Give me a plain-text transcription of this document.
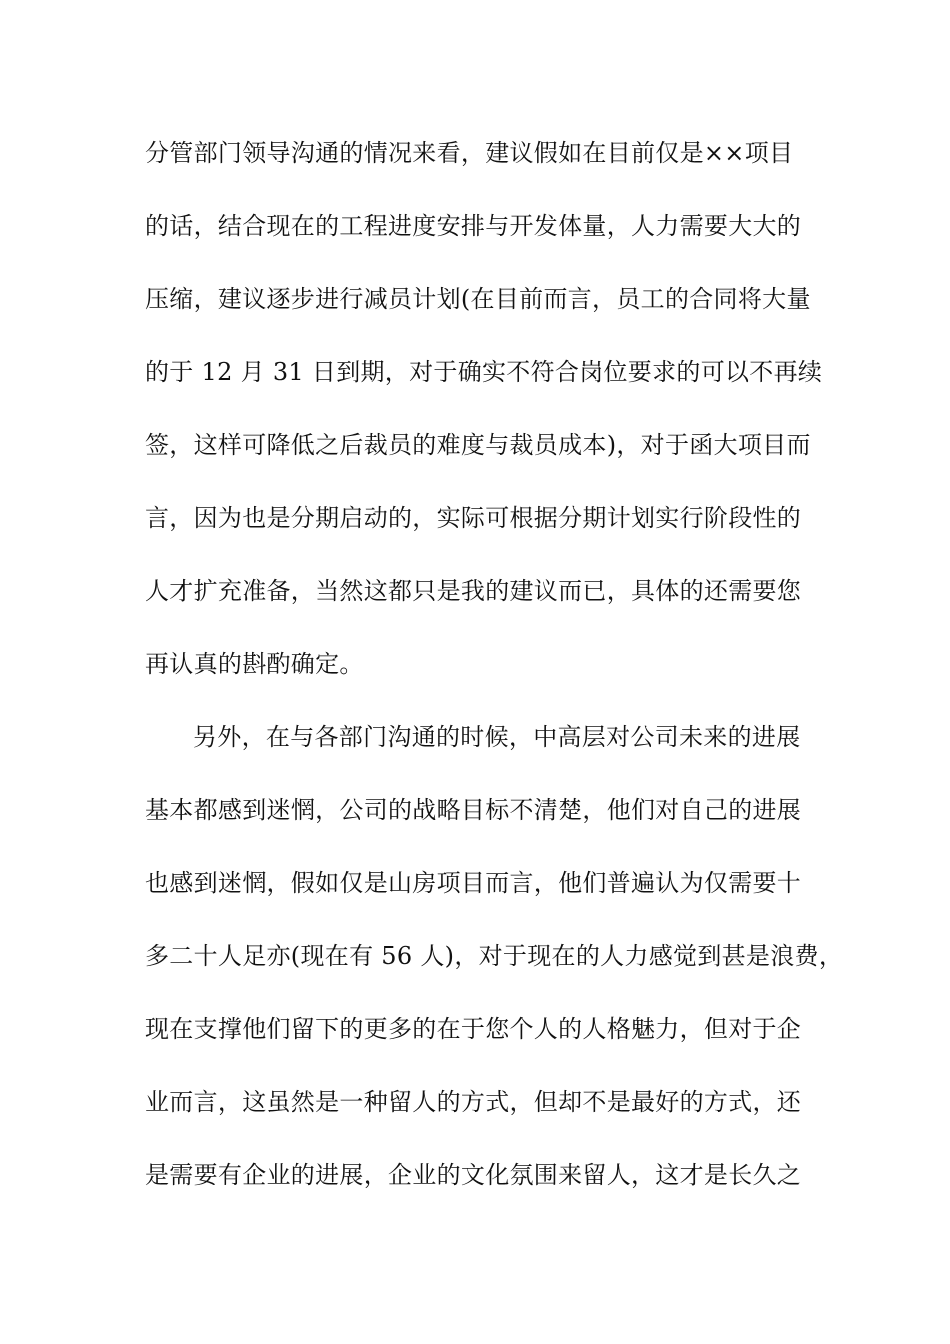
分管部门领导沟通的情况来看，建议假如在目前仅是××项目
的话，结合现在的工程进度安排与开发体量，人力需要大大的
压缩，建议逐步进行减员计划(在目前而言，员工的合同将大量
的于 12 月 31 日到期，对于确实不符合岗位要求的可以不再续
签，这样可降低之后裁员的难度与裁员成本)，对于函大项目而
言，因为也是分期启动的，实际可根据分期计划实行阶段性的
人才扩充准备，当然这都只是我的建议而已，具体的还需要您
再认真的斟酌确定。
另外，在与各部门沟通的时候，中高层对公司未来的进展
基本都感到迷惘，公司的战略目标不清楚，他们对自己的进展
也感到迷惘，假如仅是山房项目而言，他们普遍认为仅需要十
多二十人足亦(现在有 56 人)，对于现在的人力感觉到甚是浪费，
现在支撑他们留下的更多的在于您个人的人格魅力，但对于企
业而言，这虽然是一种留人的方式，但却不是最好的方式，还
是需要有企业的进展，企业的文化氛围来留人，这才是长久之
